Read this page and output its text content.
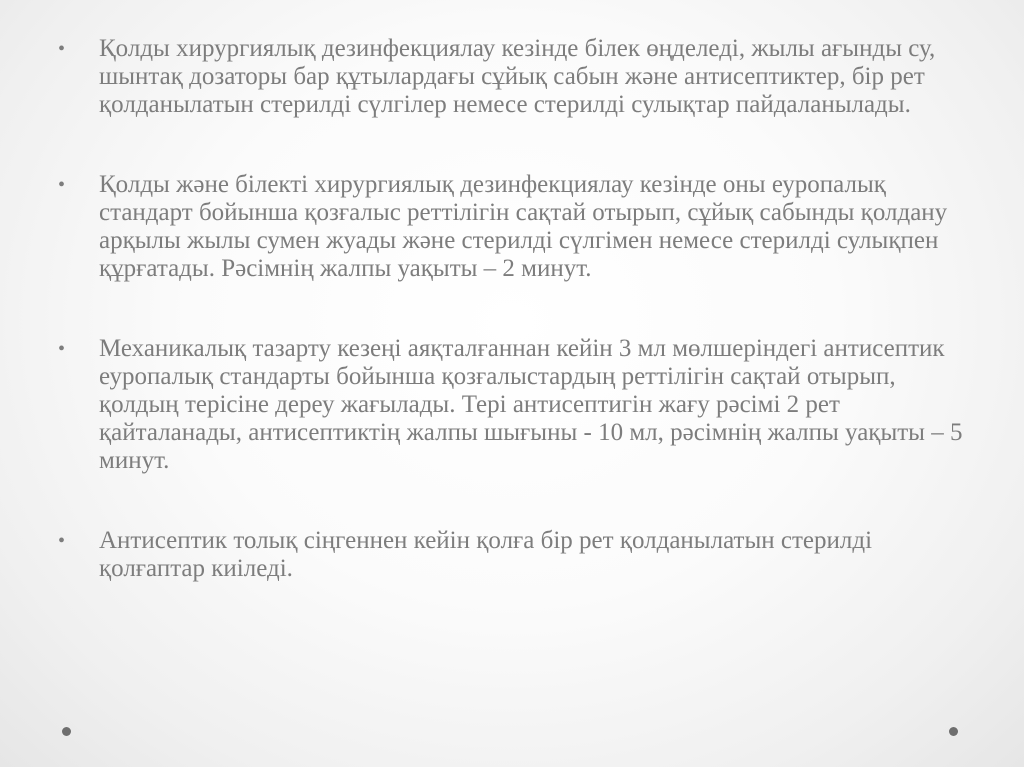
• Қолды хирургиялық дезинфекциялау кезінде білек өңделеді, жылы ағынды су, шынтақ дозаторы бар құтылардағы сұйық сабын және антисептиктер, бір рет қолданылатын стерилді сүлгілер немесе стерилді сулықтар пайдаланылады.
• Қолды және білекті хирургиялық дезинфекциялау кезінде оны еуропалық стандарт бойынша қозғалыс реттілігін сақтай отырып, сұйық сабынды қолдану арқылы жылы сумен жуады және стерилді сүлгімен немесе стерилді сулықпен құрғатады. Рәсімнің жалпы уақыты – 2 минут.
• Механикалық тазарту кезеңі аяқталғаннан кейін 3 мл мөлшеріндегі антисептик еуропалық стандарты бойынша қозғалыстардың реттілігін сақтай отырып, қолдың терісіне дереу жағылады. Тері антисептигін жағу рәсімі 2 рет қайталанады, антисептиктің жалпы шығыны - 10 мл, рәсімнің жалпы уақыты – 5 минут.
• Антисептик толық сіңгеннен кейін қолға бір рет қолданылатын стерилді қолғаптар киіледі.
